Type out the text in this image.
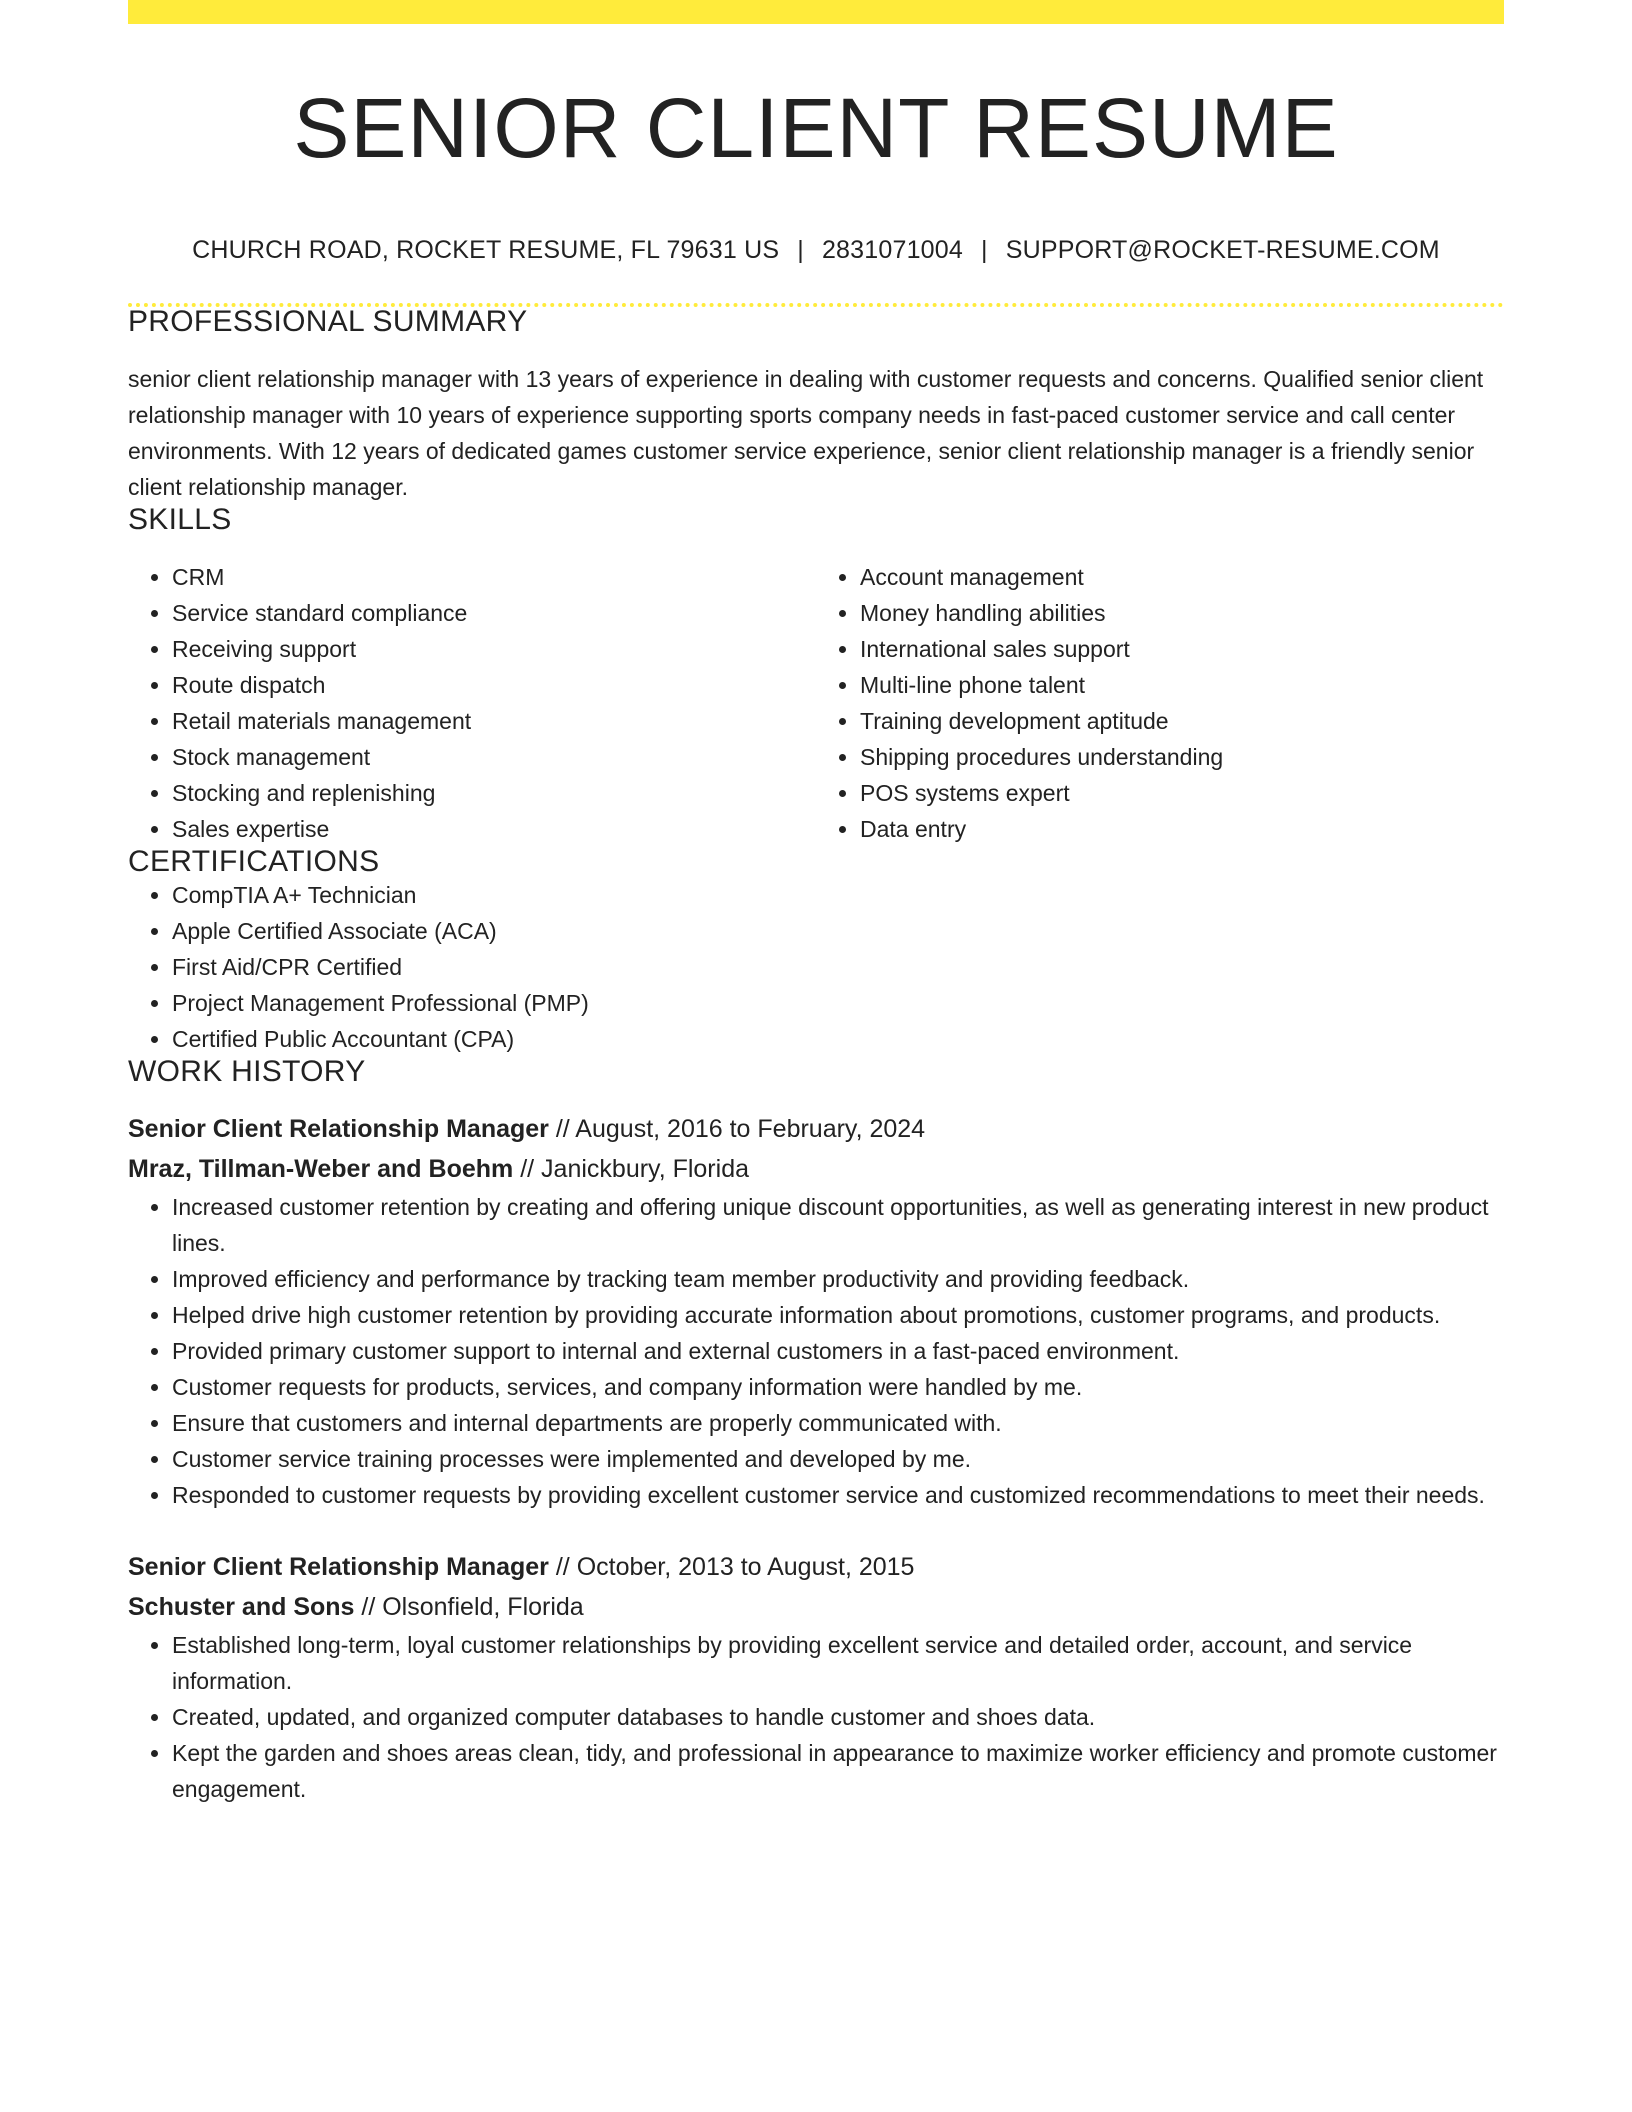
SENIOR CLIENT RESUME
CHURCH ROAD, ROCKET RESUME, FL 79631 US | 2831071004 | SUPPORT@ROCKET-RESUME.COM
PROFESSIONAL SUMMARY
senior client relationship manager with 13 years of experience in dealing with customer requests and concerns. Qualified senior client relationship manager with 10 years of experience supporting sports company needs in fast-paced customer service and call center environments. With 12 years of dedicated games customer service experience, senior client relationship manager is a friendly senior client relationship manager.
SKILLS
• CRM
• Service standard compliance
• Receiving support
• Route dispatch
• Retail materials management
• Stock management
• Stocking and replenishing
• Sales expertise
• Account management
• Money handling abilities
• International sales support
• Multi-line phone talent
• Training development aptitude
• Shipping procedures understanding
• POS systems expert
• Data entry
CERTIFICATIONS
• CompTIA A+ Technician
• Apple Certified Associate (ACA)
• First Aid/CPR Certified
• Project Management Professional (PMP)
• Certified Public Accountant (CPA)
WORK HISTORY
Senior Client Relationship Manager // August, 2016 to February, 2024
Mraz, Tillman-Weber and Boehm // Janickbury, Florida
• Increased customer retention by creating and offering unique discount opportunities, as well as generating interest in new product lines.
• Improved efficiency and performance by tracking team member productivity and providing feedback.
• Helped drive high customer retention by providing accurate information about promotions, customer programs, and products.
• Provided primary customer support to internal and external customers in a fast-paced environment.
• Customer requests for products, services, and company information were handled by me.
• Ensure that customers and internal departments are properly communicated with.
• Customer service training processes were implemented and developed by me.
• Responded to customer requests by providing excellent customer service and customized recommendations to meet their needs.
Senior Client Relationship Manager // October, 2013 to August, 2015
Schuster and Sons // Olsonfield, Florida
• Established long-term, loyal customer relationships by providing excellent service and detailed order, account, and service information.
• Created, updated, and organized computer databases to handle customer and shoes data.
• Kept the garden and shoes areas clean, tidy, and professional in appearance to maximize worker efficiency and promote customer engagement.
